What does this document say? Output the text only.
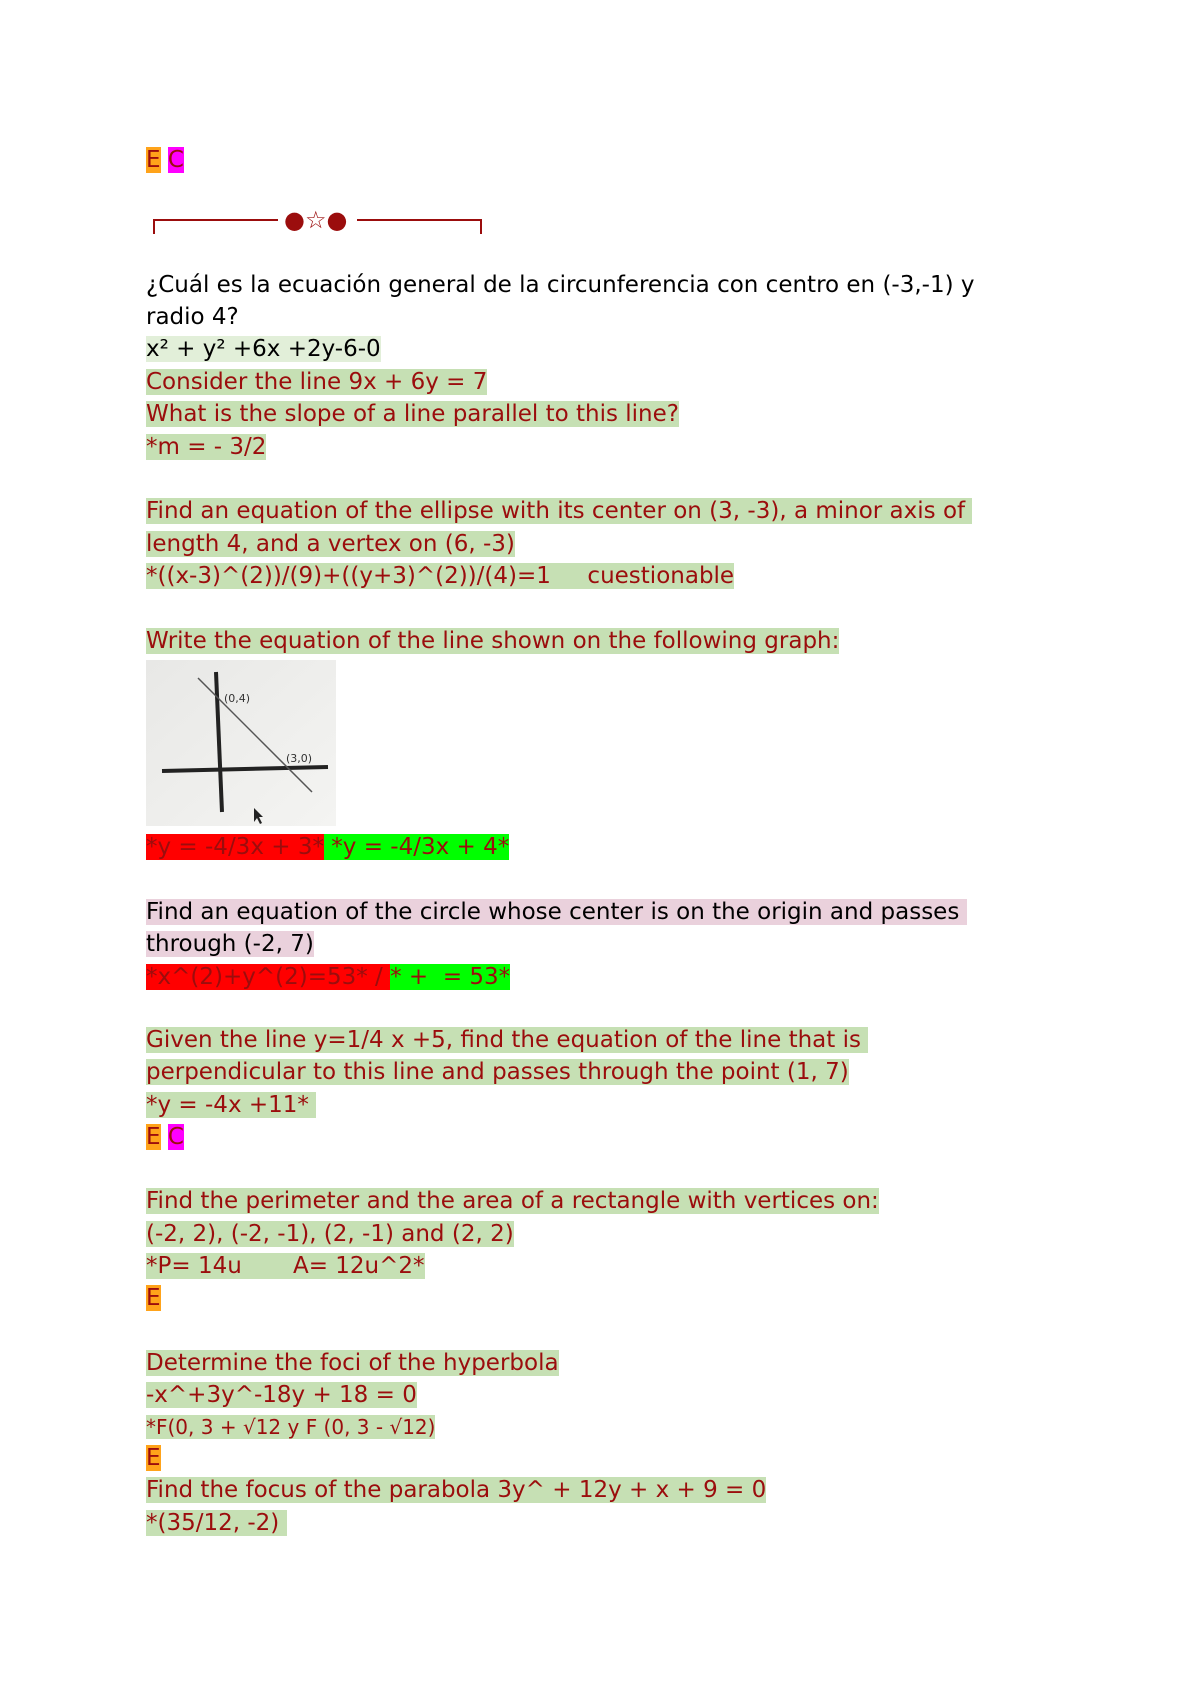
E C
●☆●
¿Cuál es la ecuación general de la circunferencia con centro en (-3,-1) y
radio 4?
x² + y² +6x +2y-6-0
Consider the line 9x + 6y = 7
What is the slope of a line parallel to this line?
*m = - 3/2
Find an equation of the ellipse with its center on (3, -3), a minor axis of
length 4, and a vertex on (6, -3)
*((x-3)^(2))/(9)+((y+3)^(2))/(4)=1     cuestionable
Write the equation of the line shown on the following graph:
(0,4)
(3,0)
*y = -4/3x + 3* *y = -4/3x + 4*
Find an equation of the circle whose center is on the origin and passes
through (-2, 7)
*x^(2)+y^(2)=53* / * +  = 53*
Given the line y=1/4 x +5, find the equation of the line that is
perpendicular to this line and passes through the point (1, 7)
*y = -4x +11*
E C
Find the perimeter and the area of a rectangle with vertices on:
(-2, 2), (-2, -1), (2, -1) and (2, 2)
*P= 14u       A= 12u^2*
E
Determine the foci of the hyperbola
-x^+3y^-18y + 18 = 0
*F(0, 3 + √12 y F (0, 3 - √12)
E
Find the focus of the parabola 3y^ + 12y + x + 9 = 0
*(35/12, -2)
